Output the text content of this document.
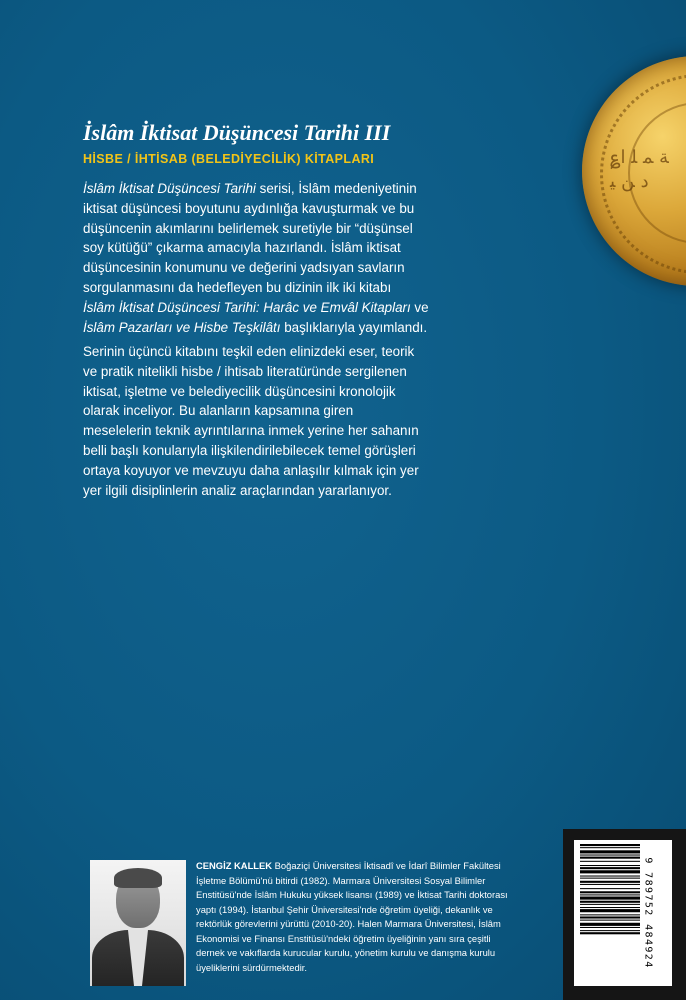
؏ﺔ ﻤ ﻠ ﺍ
ﺩ ﻦ ﻴ
İslâm İktisat Düşüncesi Tarihi III
HİSBE / İHTİSAB (BELEDİYECİLİK) KİTAPLARI
İslâm İktisat Düşüncesi Tarihi serisi, İslâm medeniyetinin
iktisat düşüncesi boyutunu aydınlığa kavuşturmak ve bu
düşüncenin akımlarını belirlemek suretiyle bir “düşünsel
soy kütüğü” çıkarma amacıyla hazırlandı. İslâm iktisat
düşüncesinin konumunu ve değerini yadsıyan savların
sorgulanmasını da hedefleyen bu dizinin ilk iki kitabı
İslâm İktisat Düşüncesi Tarihi: Harâc ve Emvâl Kitapları ve
İslâm Pazarları ve Hisbe Teşkilâtı başlıklarıyla yayımlandı.
Serinin üçüncü kitabını teşkil eden elinizdeki eser, teorik
ve pratik nitelikli hisbe / ihtisab literatüründe sergilenen
iktisat, işletme ve belediyecilik düşüncesini kronolojik
olarak inceliyor. Bu alanların kapsamına giren
meselelerin teknik ayrıntılarına inmek yerine her sahanın
belli başlı konularıyla ilişkilendirilebilecek temel görüşleri
ortaya koyuyor ve mevzuyu daha anlaşılır kılmak için yer
yer ilgili disiplinlerin analiz araçlarından yararlanıyor.
CENGİZ KALLEK Boğaziçi Üniversitesi İktisadî ve İdarî Bilimler Fakültesi
İşletme Bölümü'nü bitirdi (1982). Marmara Üniversitesi Sosyal Bilimler
Enstitüsü'nde İslâm Hukuku yüksek lisansı (1989) ve İktisat Tarihi doktorası
yaptı (1994). İstanbul Şehir Üniversitesi'nde öğretim üyeliği, dekanlık ve
rektörlük görevlerini yürüttü (2010-20). Halen Marmara Üniversitesi, İslâm
Ekonomisi ve Finansı Enstitüsü'ndeki öğretim üyeliğinin yanı sıra çeşitli
dernek ve vakıflarda kurucular kurulu, yönetim kurulu ve danışma kurulu
üyeliklerini sürdürmektedir.	9 789752 484924
